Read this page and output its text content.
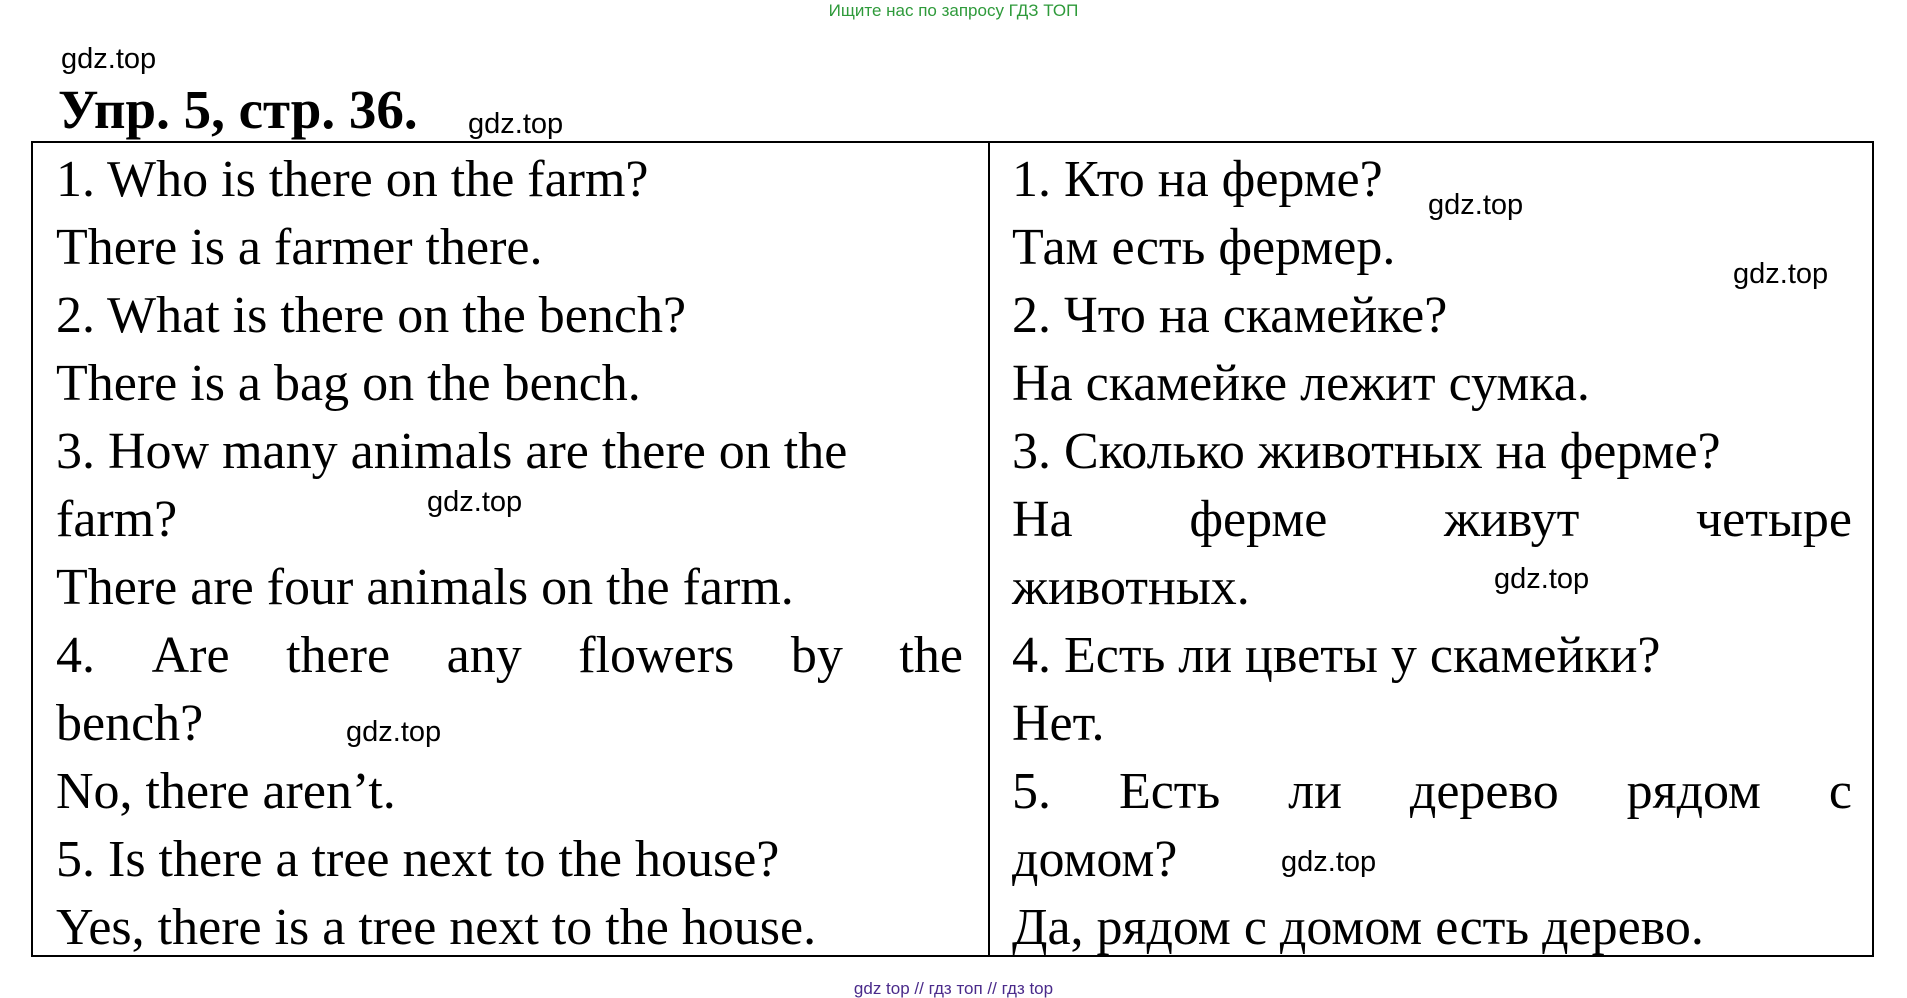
Ищите нас по запросу ГДЗ ТОП
gdz.top
Упр. 5, стр. 36. gdz.top
1. Who is there on the farm?
There is a farmer there.
2. What is there on the bench?
There is a bag on the bench.
3. How many animals are there on the
farm?
There are four animals on the farm.
4. Are there any flowers by the
bench?
No, there aren’t.
5. Is there a tree next to the house?
Yes, there is a tree next to the house.
1. Кто на ферме?
Там есть фермер.
2. Что на скамейке?
На скамейке лежит сумка.
3. Сколько животных на ферме?
На ферме живут четыре
животных.
4. Есть ли цветы у скамейки?
Нет.
5. Есть ли дерево рядом с
домом?
Да, рядом с домом есть дерево.
gdz.top
gdz.top
gdz.top
gdz.top
gdz.top
gdz.top
gdz top // гдз топ // гдз top
